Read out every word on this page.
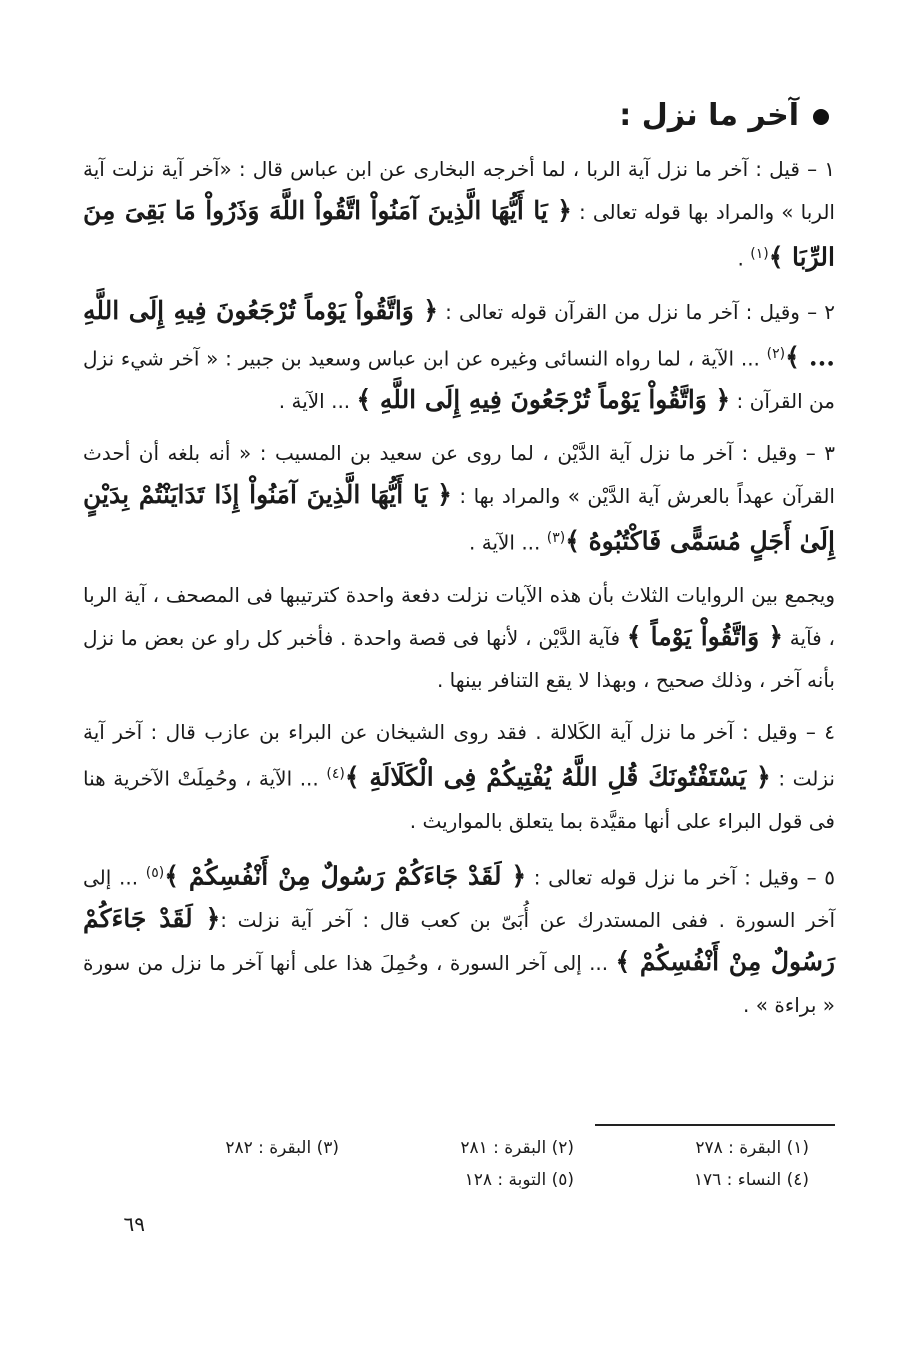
آخر ما نزل :

١ – قيل : آخر ما نزل آية الربا ، لما أخرجه البخارى عن ابن عباس قال : «آخر آية نزلت آية الربا » والمراد بها قوله تعالى : ﴿ يَا أَيُّهَا الَّذِينَ آمَنُواْ اتَّقُواْ اللَّهَ وَذَرُواْ مَا بَقِىَ مِنَ الرِّبَا ﴾$^{(١)}$ .

٢ – وقيل : آخر ما نزل من القرآن قوله تعالى : ﴿ وَاتَّقُواْ يَوْماً تُرْجَعُونَ فِيهِ إِلَى اللَّهِ ... ﴾$^{(٢)}$ ... الآية ، لما رواه النسائى وغيره عن ابن عباس وسعيد بن جبير : « آخر شيء نزل من القرآن : ﴿ وَاتَّقُواْ يَوْماً تُرْجَعُونَ فِيهِ إِلَى اللَّهِ ﴾ ... الآية .

٣ – وقيل : آخر ما نزل آية الدَّيْن ، لما روى عن سعيد بن المسيب : « أنه بلغه أن أحدث القرآن عهداً بالعرش آية الدَّيْن » والمراد بها : ﴿ يَا أَيُّهَا الَّذِينَ آمَنُواْ إِذَا تَدَايَنْتُمْ بِدَيْنٍ إِلَىٰ أَجَلٍ مُسَمًّى فَاكْتُبُوهُ ﴾$^{(٣)}$ ... الآية .

ويجمع بين الروايات الثلاث بأن هذه الآيات نزلت دفعة واحدة كترتيبها فى المصحف ، آية الربا ، فآية ﴿ وَاتَّقُواْ يَوْماً ﴾ فآية الدَّيْن ، لأنها فى قصة واحدة . فأخبر كل راو عن بعض ما نزل بأنه آخر ، وذلك صحيح ، وبهذا لا يقع التنافر بينها .

٤ – وقيل : آخر ما نزل آية الكَلالة . فقد روى الشيخان عن البراء بن عازب قال : آخر آية نزلت : ﴿ يَسْتَفْتُونَكَ قُلِ اللَّهُ يُفْتِيكُمْ فِى الْكَلَالَةِ ﴾$^{(٤)}$ ... الآية ، وحُمِلَتْ الآخرية هنا فى قول البراء على أنها مقيَّدة بما يتعلق بالمواريث .

٥ – وقيل : آخر ما نزل قوله تعالى : ﴿ لَقَدْ جَاءَكُمْ رَسُولٌ مِنْ أَنْفُسِكُمْ ﴾$^{(٥)}$ ... إلى آخر السورة . ففى المستدرك عن أُبَىّ بن كعب قال : آخر آية نزلت :﴿ لَقَدْ جَاءَكُمْ رَسُولٌ مِنْ أَنْفُسِكُمْ ﴾ ... إلى آخر السورة ، وحُمِلَ هذا على أنها آخر ما نزل من سورة « براءة » .

(١) البقرة : ٢٧٨
(٢) البقرة : ٢٨١
(٣) البقرة : ٢٨٢
(٤) النساء : ١٧٦
(٥) التوبة : ١٢٨
٦٩
